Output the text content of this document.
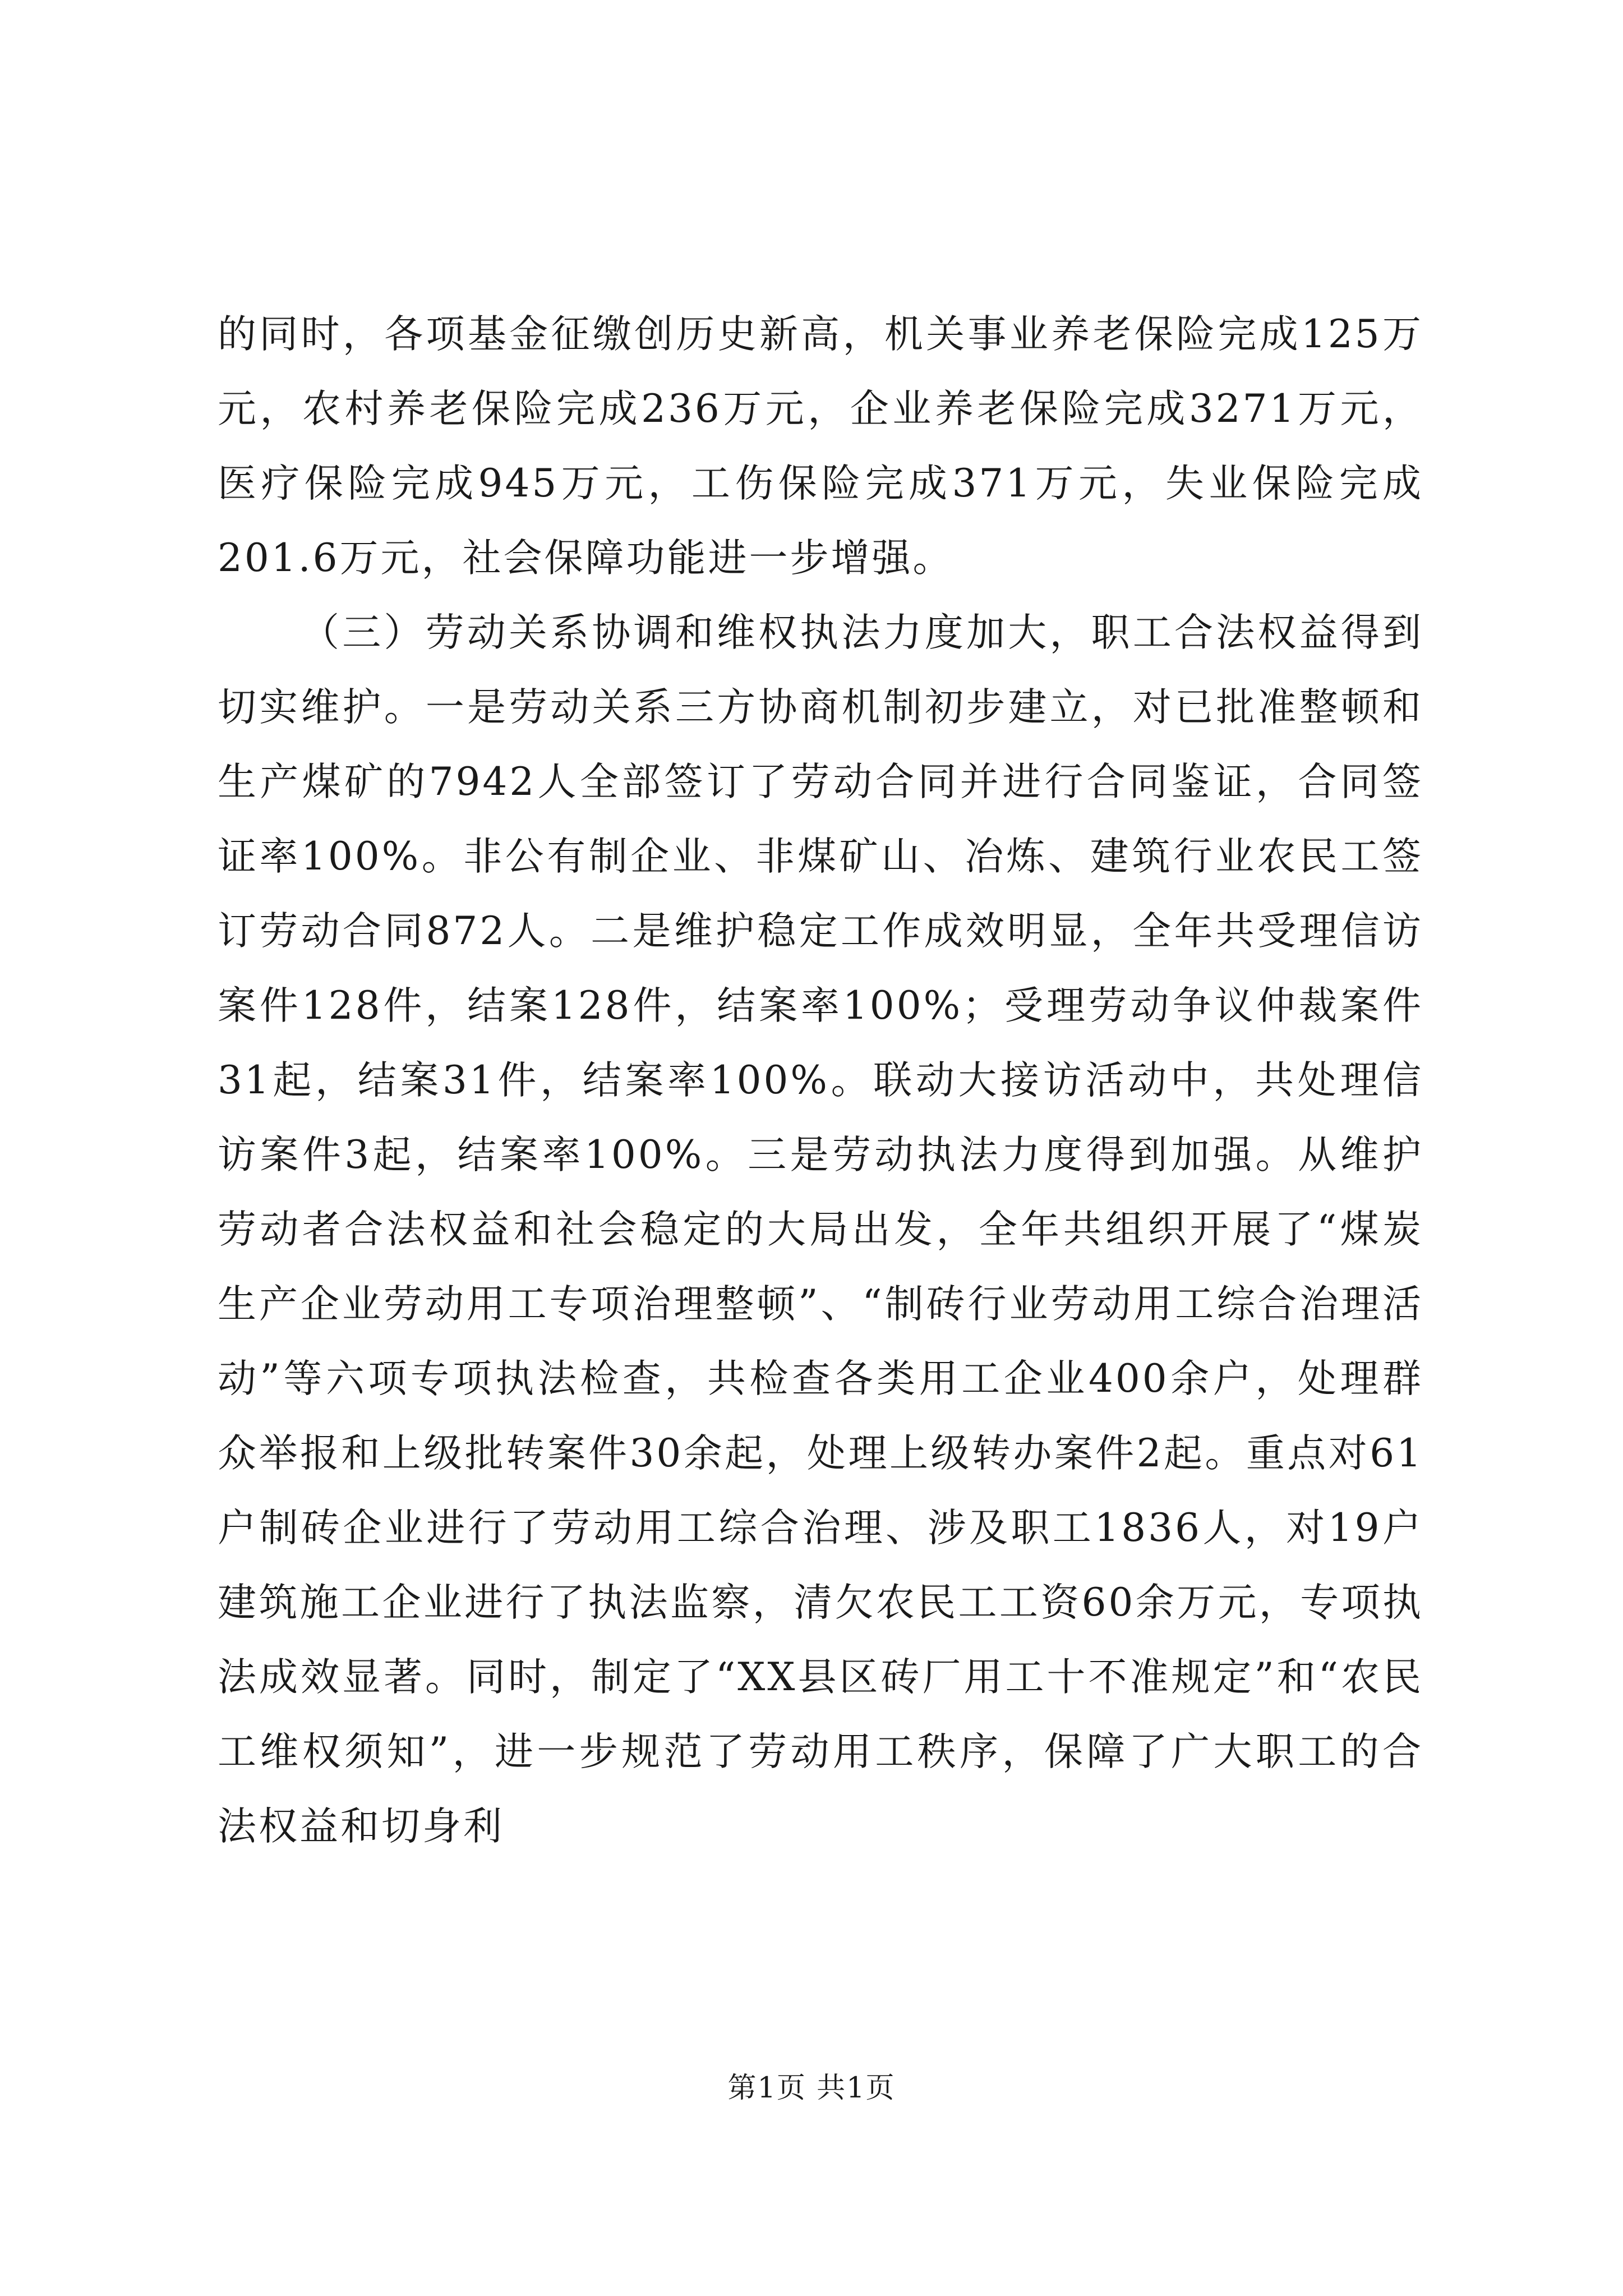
的同时，各项基金征缴创历史新高，机关事业养老保险完成125万元，农村养老保险完成236万元，企业养老保险完成3271万元，医疗保险完成945万元，工伤保险完成371万元，失业保险完成201.6万元，社会保障功能进一步增强。

（三）劳动关系协调和维权执法力度加大，职工合法权益得到切实维护。一是劳动关系三方协商机制初步建立，对已批准整顿和生产煤矿的7942人全部签订了劳动合同并进行合同鉴证，合同签证率100%。非公有制企业、非煤矿山、冶炼、建筑行业农民工签订劳动合同872人。二是维护稳定工作成效明显，全年共受理信访案件128件，结案128件，结案率100%；受理劳动争议仲裁案件31起，结案31件，结案率100%。联动大接访活动中，共处理信访案件3起，结案率100%。三是劳动执法力度得到加强。从维护劳动者合法权益和社会稳定的大局出发，全年共组织开展了“煤炭生产企业劳动用工专项治理整顿”、“制砖行业劳动用工综合治理活动”等六项专项执法检查，共检查各类用工企业400余户，处理群众举报和上级批转案件30余起，处理上级转办案件2起。重点对61户制砖企业进行了劳动用工综合治理、涉及职工1836人，对19户建筑施工企业进行了执法监察，清欠农民工工资60余万元，专项执法成效显著。同时，制定了“XX县区砖厂用工十不准规定”和“农民工维权须知”，进一步规范了劳动用工秩序，保障了广大职工的合法权益和切身利

第1页 共1页
